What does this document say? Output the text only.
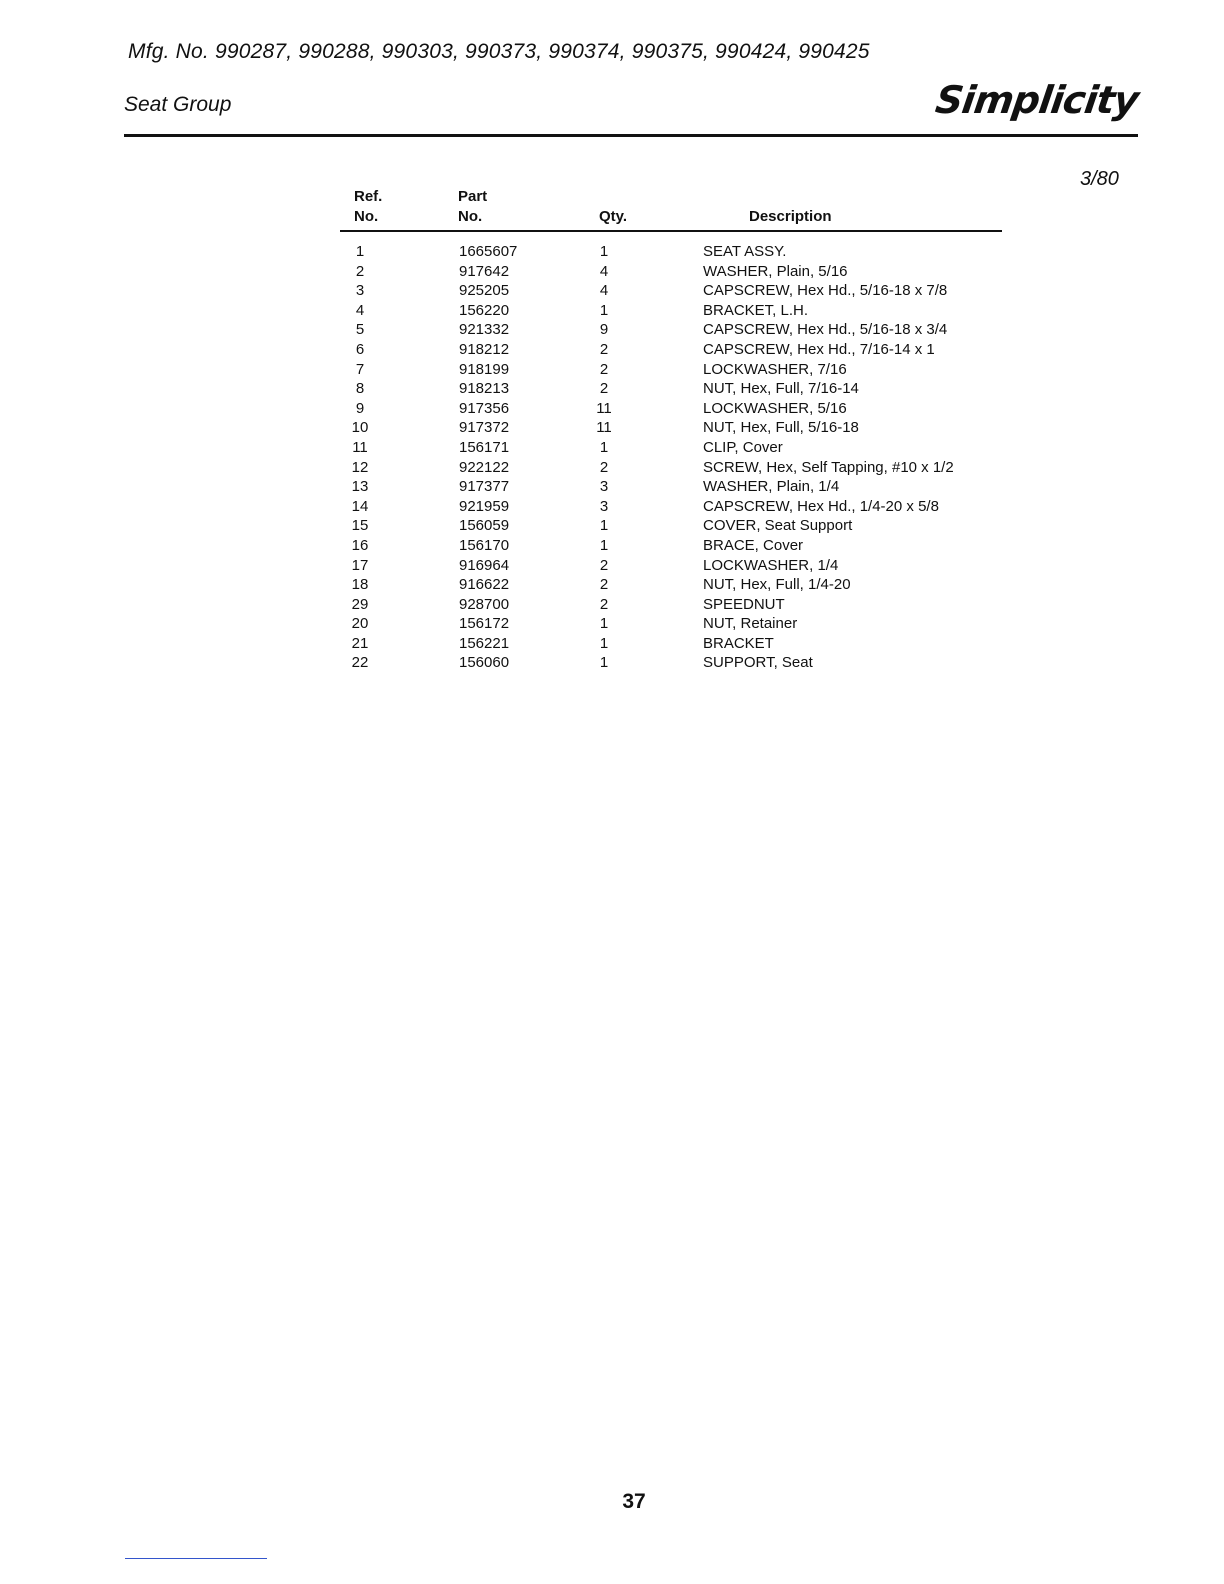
Mfg. No. 990287, 990288, 990303, 990373, 990374, 990375, 990424, 990425
Seat Group	Simplicity
3/80
Ref.

No.
Part

No.	Qty.	Description
1	1665607	1	SEAT ASSY.
2	917642	4	WASHER, Plain, 5/16
3	925205	4	CAPSCREW, Hex Hd., 5/16-18 x 7/8
4	156220	1	BRACKET, L.H.
5	921332	9	CAPSCREW, Hex Hd., 5/16-18 x 3/4
6	918212	2	CAPSCREW, Hex Hd., 7/16-14 x 1
7	918199	2	LOCKWASHER, 7/16
8	918213	2	NUT, Hex, Full, 7/16-14
9	917356	11	LOCKWASHER, 5/16
10	917372	11	NUT, Hex, Full, 5/16-18
11	156171	1	CLIP, Cover
12	922122	2	SCREW, Hex, Self Tapping, #10 x 1/2
13	917377	3	WASHER, Plain, 1/4
14	921959	3	CAPSCREW, Hex Hd., 1/4-20 x 5/8
15	156059	1	COVER, Seat Support
16	156170	1	BRACE, Cover
17	916964	2	LOCKWASHER, 1/4
18	916622	2	NUT, Hex, Full, 1/4-20
29	928700	2	SPEEDNUT
20	156172	1	NUT, Retainer
21	156221	1	BRACKET
22	156060	1	SUPPORT, Seat
37
